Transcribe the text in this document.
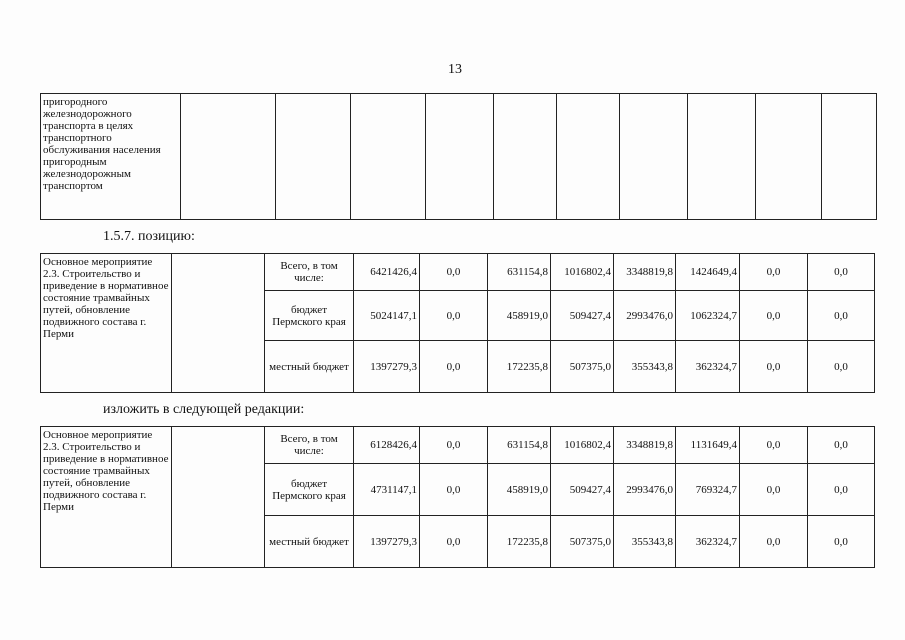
13
пригородного железнодорожного транспорта в целях транспортного обслуживания населения пригородным железнодорожным транспортом										
1.5.7. позицию:
Основное мероприятие 2.3. Строительство и приведение в нормативное состояние трамвайных путей, обновление подвижного состава г. Перми		Всего, в том числе:	6421426,4	0,0	631154,8	1016802,4	3348819,8	1424649,4	0,0	0,0
		бюджет Пермского края	5024147,1	0,0	458919,0	509427,4	2993476,0	1062324,7	0,0	0,0
		местный бюджет	1397279,3	0,0	172235,8	507375,0	355343,8	362324,7	0,0	0,0
изложить в следующей редакции:
Основное мероприятие 2.3. Строительство и приведение в нормативное состояние трамвайных путей, обновление подвижного состава г. Перми		Всего, в том числе:	6128426,4	0,0	631154,8	1016802,4	3348819,8	1131649,4	0,0	0,0
		бюджет Пермского края	4731147,1	0,0	458919,0	509427,4	2993476,0	769324,7	0,0	0,0
		местный бюджет	1397279,3	0,0	172235,8	507375,0	355343,8	362324,7	0,0	0,0
